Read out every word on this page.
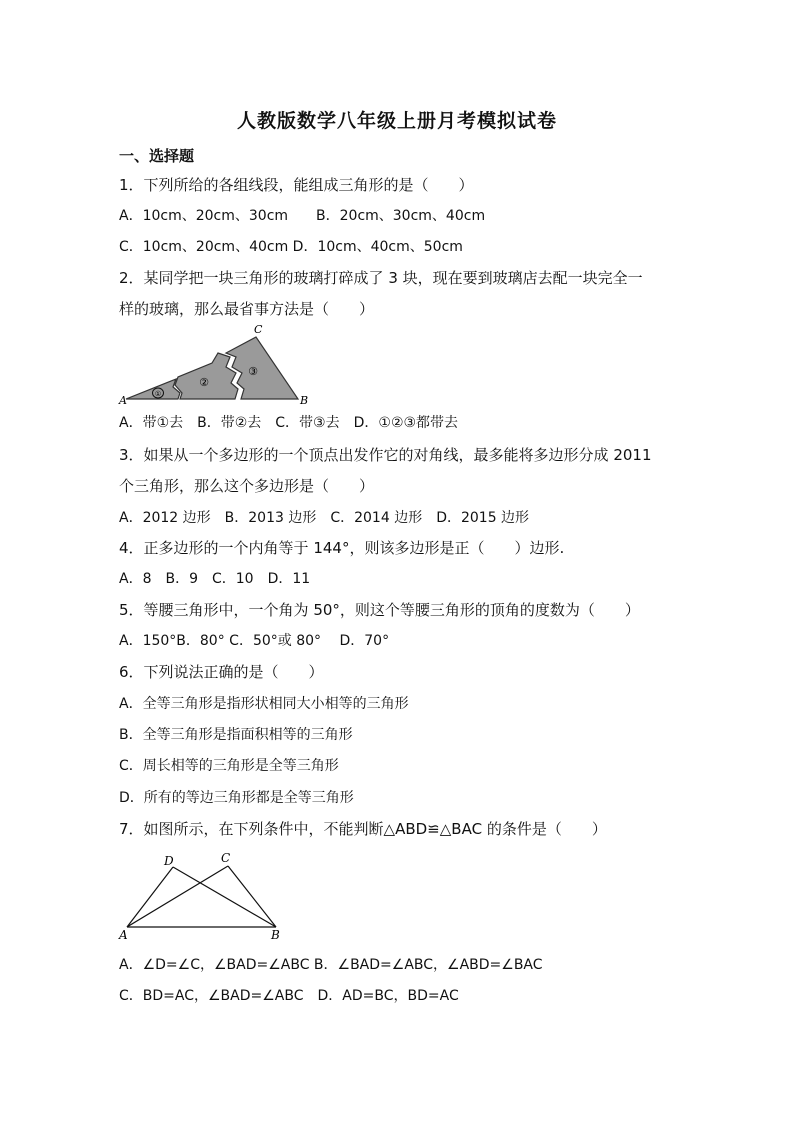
人教版数学八年级上册月考模拟试卷
一、选择题
1．下列所给的各组线段，能组成三角形的是（　　）
A．10cm、20cm、30cm　　B．20cm、30cm、40cm
C．10cm、20cm、40cm D．10cm、40cm、50cm
2．某同学把一块三角形的玻璃打碎成了 3 块，现在要到玻璃店去配一块完全一
样的玻璃，那么最省事方法是（　　）
①
②
③
A	B
C
A．带①去　B．带②去　C．带③去　D．①②③都带去
3．如果从一个多边形的一个顶点出发作它的对角线，最多能将多边形分成 2011
个三角形，那么这个多边形是（　　）
A．2012 边形　B．2013 边形　C．2014 边形　D．2015 边形
4．正多边形的一个内角等于 144°，则该多边形是正（　　）边形.
A．8　B．9　C．10　D．11
5．等腰三角形中，一个角为 50°，则这个等腰三角形的顶角的度数为（　　）
A．150°B．80° C．50°或 80°　 D．70°
6．下列说法正确的是（　　）
A．全等三角形是指形状相同大小相等的三角形
B．全等三角形是指面积相等的三角形
C．周长相等的三角形是全等三角形
D．所有的等边三角形都是全等三角形
7．如图所示，在下列条件中，不能判断△ABD≌△BAC 的条件是（　　）
A	B
C
D
A．∠D=∠C，∠BAD=∠ABC B．∠BAD=∠ABC，∠ABD=∠BAC
C．BD=AC，∠BAD=∠ABC　D．AD=BC，BD=AC
